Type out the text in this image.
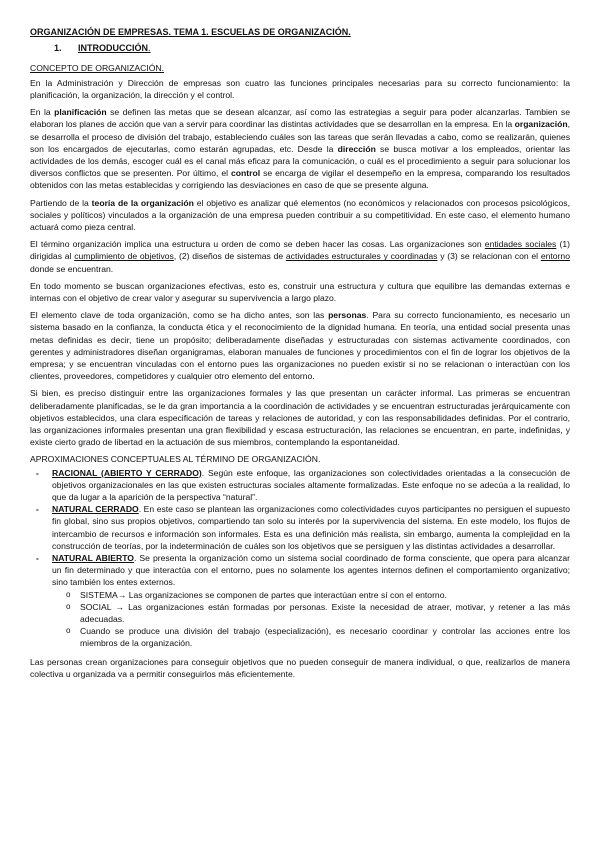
ORGANIZACIÓN DE EMPRESAS. TEMA 1. ESCUELAS DE ORGANIZACIÓN.
1. INTRODUCCIÓN.
CONCEPTO DE ORGANIZACIÓN.

En la Administración y Dirección de empresas son cuatro las funciones principales necesarias para su correcto funcionamiento: la planificación, la organización, la dirección y el control.

En la planificación se definen las metas que se desean alcanzar, así como las estrategias a seguir para poder alcanzarlas. Tambien se elaboran los planes de acción que van a servir para coordinar las distintas actividades que se desarrollan en la empresa. En la organización, se desarrolla el proceso de división del trabajo, estableciendo cuáles son las tareas que serán llevadas a cabo, como se realizarán, quienes son los encargados de ejecutarlas, como estarán agrupadas, etc. Desde la dirección se busca motivar a los empleados, orientar las actividades de los demás, escoger cuál es el canal más eficaz para la comunicación, o cuál es el procedimiento a seguir para solucionar los diversos conflictos que se presenten. Por último, el control se encarga de vigilar el desempeño en la empresa, comparando los resultados obtenidos con las metas establecidas y corrigiendo las desviaciones en caso de que se presente alguna.

Partiendo de la teoría de la organización el objetivo es analizar qué elementos (no económicos y relacionados con procesos psicológicos, sociales y políticos) vinculados a la organización de una empresa pueden contribuir a su competitividad. En este caso, el elemento humano actuará como pieza central.

El término organización implica una estructura u orden de como se deben hacer las cosas. Las organizaciones son entidades sociales (1) dirigidas al cumplimiento de objetivos, (2) diseños de sistemas de actividades estructurales y coordinadas y (3) se relacionan con el entorno donde se encuentran.

En todo momento se buscan organizaciones efectivas, esto es, construir una estructura y cultura que equilibre las demandas externas e internas con el objetivo de crear valor y asegurar su supervivencia a largo plazo.

El elemento clave de toda organización, como se ha dicho antes, son las personas. Para su correcto funcionamiento, es necesario un sistema basado en la confianza, la conducta ética y el reconocimiento de la dignidad humana. En teoría, una entidad social presenta unas metas definidas es decir, tiene un propósito; deliberadamente diseñadas y estructuradas con sistemas activamente coordinados, con gerentes y administradores diseñan organigramas, elaboran manuales de funciones y procedimientos con el fin de lograr los objetivos de la empresa; y se encuentran vinculadas con el entorno pues las organizaciones no pueden existir si no se relacionan o interactúan con los clientes, proveedores, competidores y cualquier otro elemento del entorno.

Si bien, es preciso distinguir entre las organizaciones formales y las que presentan un carácter informal. Las primeras se encuentran deliberadamente planificadas, se le da gran importancia a la coordinación de actividades y se encuentran estructuradas jerárquicamente con objetivos establecidos, una clara especificación de tareas y relaciones de autoridad, y con las responsabilidades definidas. Por el contrario, las organizaciones informales presentan una gran flexibilidad y escasa estructuración, las relaciones se encuentran, en parte, indefinidas, y existe cierto grado de libertad en la actuación de sus miembros, contemplando la espontaneidad.

APROXIMACIONES CONCEPTUALES AL TÉRMINO DE ORGANIZACIÓN.
- RACIONAL (ABIERTO Y CERRADO). Según este enfoque, las organizaciones son colectividades orientadas a la consecución de objetivos organizacionales en las que existen estructuras sociales altamente formalizadas. Este enfoque no se adecúa a la realidad, lo que da lugar a la aparición de la perspectiva “natural”.
- NATURAL CERRADO. En este caso se plantean las organizaciones como colectividades cuyos participantes no persiguen el supuesto fin global, sino sus propios objetivos, compartiendo tan solo su interés por la supervivencia del sistema. En este modelo, los flujos de intercambio de recursos e información son informales. Esta es una definición más realista, sin embargo, aumenta la complejidad en la construcción de teorías, por la indeterminación de cuáles son los objetivos que se persiguen y las distintas actividades a desarrollar.
- NATURAL ABIERTO. Se presenta la organización como un sistema social coordinado de forma consciente, que opera para alcanzar un fin determinado y que interactúa con el entorno, pues no solamente los agentes internos definen el comportamiento organizativo; sino también los entes externos.
o SISTEMA→ Las organizaciones se componen de partes que interactúan entre sí con el entorno.
o SOCIAL → Las organizaciones están formadas por personas. Existe la necesidad de atraer, motivar, y retener a las más adecuadas.
o Cuando se produce una división del trabajo (especialización), es necesario coordinar y controlar las acciones entre los miembros de la organización.

Las personas crean organizaciones para conseguir objetivos que no pueden conseguir de manera individual, o que, realizarlos de manera colectiva u organizada va a permitir conseguirlos más eficientemente.
